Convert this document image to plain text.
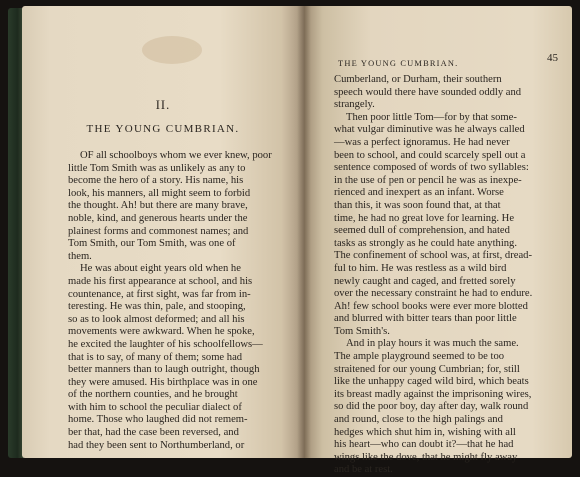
II.
THE YOUNG CUMBRIAN.
OF all schoolboys whom we ever knew, poor
little Tom Smith was as unlikely as any to
become the hero of a story. His name, his
look, his manners, all might seem to forbid
the thought. Ah! but there are many brave,
noble, kind, and generous hearts under the
plainest forms and commonest names; and
Tom Smith, our Tom Smith, was one of
them.
He was about eight years old when he
made his first appearance at school, and his
countenance, at first sight, was far from in-
teresting. He was thin, pale, and stooping,
so as to look almost deformed; and all his
movements were awkward. When he spoke,
he excited the laughter of his schoolfellows—
that is to say, of many of them; some had
better manners than to laugh outright, though
they were amused. His birthplace was in one
of the northern counties, and he brought
with him to school the peculiar dialect of
home. Those who laughed did not remem-
ber that, had the case been reversed, and
had they been sent to Northumberland, or
THE YOUNG CUMBRIAN.	45
Cumberland, or Durham, their southern
speech would there have sounded oddly and
strangely.
Then poor little Tom—for by that some-
what vulgar diminutive was he always called
—was a perfect ignoramus. He had never
been to school, and could scarcely spell out a
sentence composed of words of two syllables:
in the use of pen or pencil he was as inexpe-
rienced and inexpert as an infant. Worse
than this, it was soon found that, at that
time, he had no great love for learning. He
seemed dull of comprehension, and hated
tasks as strongly as he could hate anything.
The confinement of school was, at first, dread-
ful to him. He was restless as a wild bird
newly caught and caged, and fretted sorely
over the necessary constraint he had to endure.
Ah! few school books were ever more blotted
and blurred with bitter tears than poor little
Tom Smith's.
And in play hours it was much the same.
The ample playground seemed to be too
straitened for our young Cumbrian; for, still
like the unhappy caged wild bird, which beats
its breast madly against the imprisoning wires,
so did the poor boy, day after day, walk round
and round, close to the high palings and
hedges which shut him in, wishing with all
his heart—who can doubt it?—that he had
wings like the dove, that he might fly away
and be at rest.
